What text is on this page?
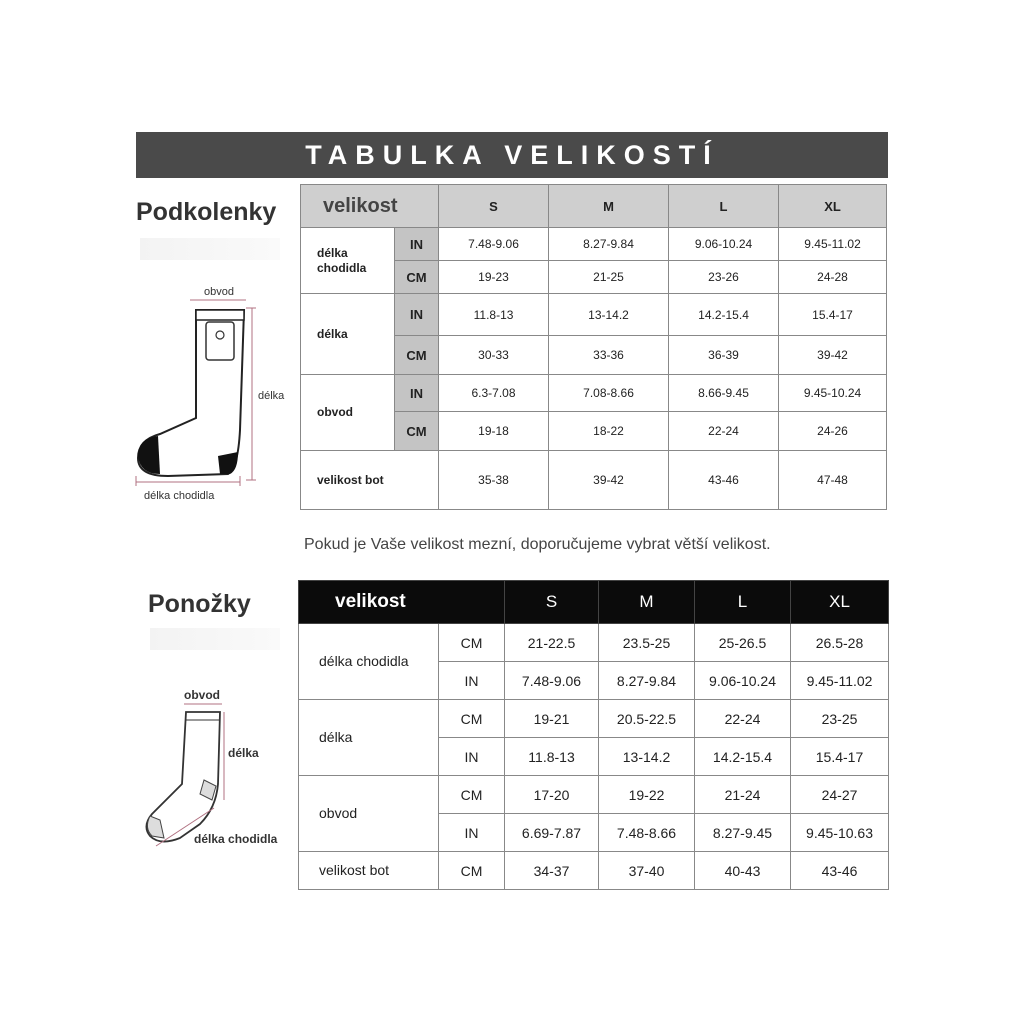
TABULKA VELIKOSTÍ
Podkolenky
obvod
délka
délka chodidla
velikost		S	M	L	XL
délka chodidla	IN	7.48-9.06	8.27-9.84	9.06-10.24	9.45-11.02
	CM	19-23	21-25	23-26	24-28
délka	IN	11.8-13	13-14.2	14.2-15.4	15.4-17
	CM	30-33	33-36	36-39	39-42
obvod	IN	6.3-7.08	7.08-8.66	8.66-9.45	9.45-10.24
	CM	19-18	18-22	22-24	24-26
velikost bot		35-38	39-42	43-46	47-48
Pokud je Vaše velikost mezní, doporučujeme vybrat větší velikost.
Ponožky
obvod
délka
délka chodidla
velikost		S	M	L	XL
délka chodidla	CM	21-22.5	23.5-25	25-26.5	26.5-28
	IN	7.48-9.06	8.27-9.84	9.06-10.24	9.45-11.02
délka	CM	19-21	20.5-22.5	22-24	23-25
	IN	11.8-13	13-14.2	14.2-15.4	15.4-17
obvod	CM	17-20	19-22	21-24	24-27
	IN	6.69-7.87	7.48-8.66	8.27-9.45	9.45-10.63
velikost bot	CM	34-37	37-40	40-43	43-46
